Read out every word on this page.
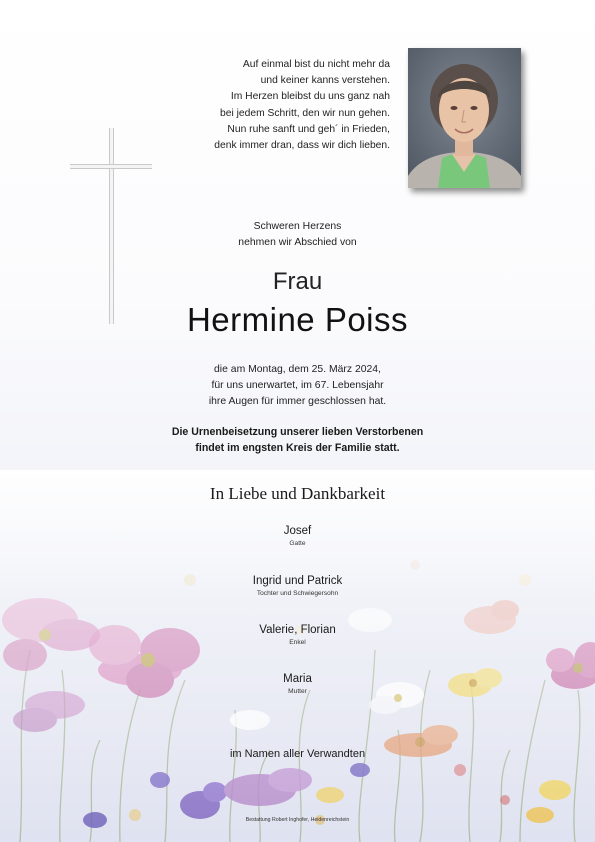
Auf einmal bist du nicht mehr da
und keiner kanns verstehen.
Im Herzen bleibst du uns ganz nah
bei jedem Schritt, den wir nun gehen.
Nun ruhe sanft und geh´ in Frieden,
denk immer dran, dass wir dich lieben.
Schweren Herzens
nehmen wir Abschied von
Frau
Hermine Poiss
die am Montag, dem 25. März 2024,
für uns unerwartet, im 67. Lebensjahr
ihre Augen für immer geschlossen hat.
Die Urnenbeisetzung unserer lieben Verstorbenen
findet im engsten Kreis der Familie statt.
In Liebe und Dankbarkeit
Josef
Gatte
Ingrid und Patrick
Tochter und Schwiegersohn
Valerie, Florian
Enkel
Maria
Mutter
im Namen aller Verwandten
Bestattung Robert Inghofer, Heidenreichstein
